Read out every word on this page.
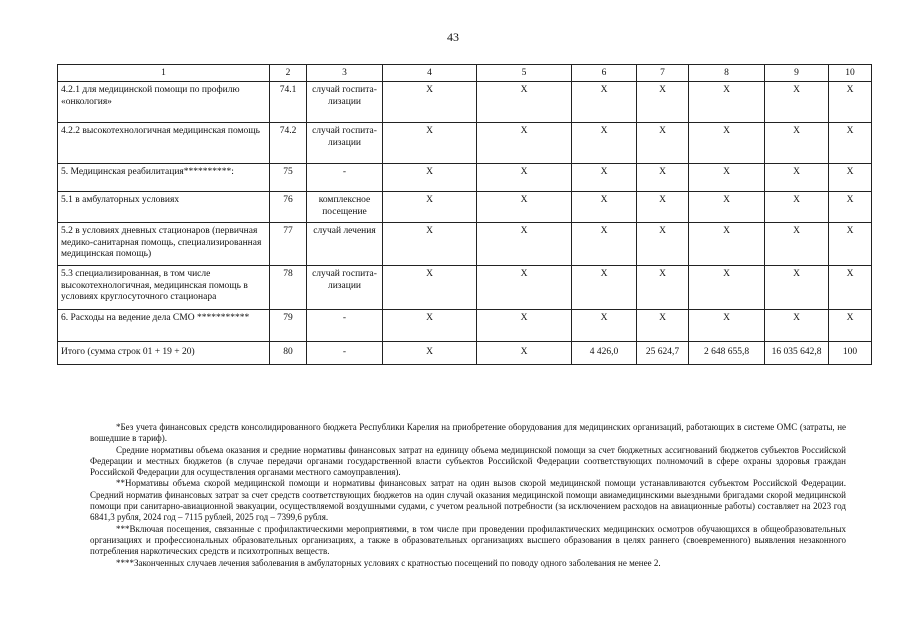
43
1	2	3	4	5	6	7	8	9	10
4.2.1 для медицинской помощи по профилю «онкология»	74.1	случай госпита-лизации	Х	Х	Х	Х	Х	Х	Х
4.2.2 высокотехнологичная медицинская помощь	74.2	случай госпита-лизации	Х	Х	Х	Х	Х	Х	Х
5. Медицинская реабилитация**********:	75	-	Х	Х	Х	Х	Х	Х	Х
5.1 в амбулаторных условиях	76	комплексное посещение	Х	Х	Х	Х	Х	Х	Х
5.2 в условиях дневных стационаров (первичная медико-санитарная помощь, специализированная медицинская помощь)	77	случай лечения	Х	Х	Х	Х	Х	Х	Х
5.3 специализированная, в том числе высокотехнологичная, медицинская помощь в условиях круглосуточного стационара	78	случай госпита-лизации	Х	Х	Х	Х	Х	Х	Х
6. Расходы на ведение дела СМО ***********	79	-	Х	Х	Х	Х	Х	Х	Х
Итого (сумма строк 01 + 19 + 20)	80	-	Х	Х	4 426,0	25 624,7	2 648 655,8	16 035 642,8	100

*Без учета финансовых средств консолидированного бюджета Республики Карелия на приобретение оборудования для медицинских организаций, работающих в системе ОМС (затраты, не вошедшие в тариф).

Средние нормативы объема оказания и средние нормативы финансовых затрат на единицу объема медицинской помощи за счет бюджетных ассигнований бюджетов субъектов Российской Федерации и местных бюджетов (в случае передачи органами государственной власти субъектов Российской Федерации соответствующих полномочий в сфере охраны здоровья граждан Российской Федерации для осуществления органами местного самоуправления).

**Нормативы объема скорой медицинской помощи и нормативы финансовых затрат на один вызов скорой медицинской помощи устанавливаются субъектом Российской Федерации. Средний норматив финансовых затрат за счет средств соответствующих бюджетов на один случай оказания медицинской помощи авиамедицинскими выездными бригадами скорой медицинской помощи при санитарно-авиационной эвакуации, осуществляемой воздушными судами, с учетом реальной потребности (за исключением расходов на авиационные работы) составляет на 2023 год 6841,3 рубля, 2024 год – 7115 рублей, 2025 год – 7399,6 рубля.

***Включая посещения, связанные с профилактическими мероприятиями, в том числе при проведении профилактических медицинских осмотров обучающихся в общеобразовательных организациях и профессиональных образовательных организациях, а также в образовательных организациях высшего образования в целях раннего (своевременного) выявления незаконного потребления наркотических средств и психотропных веществ.

****Законченных случаев лечения заболевания в амбулаторных условиях с кратностью посещений по поводу одного заболевания не менее 2.
